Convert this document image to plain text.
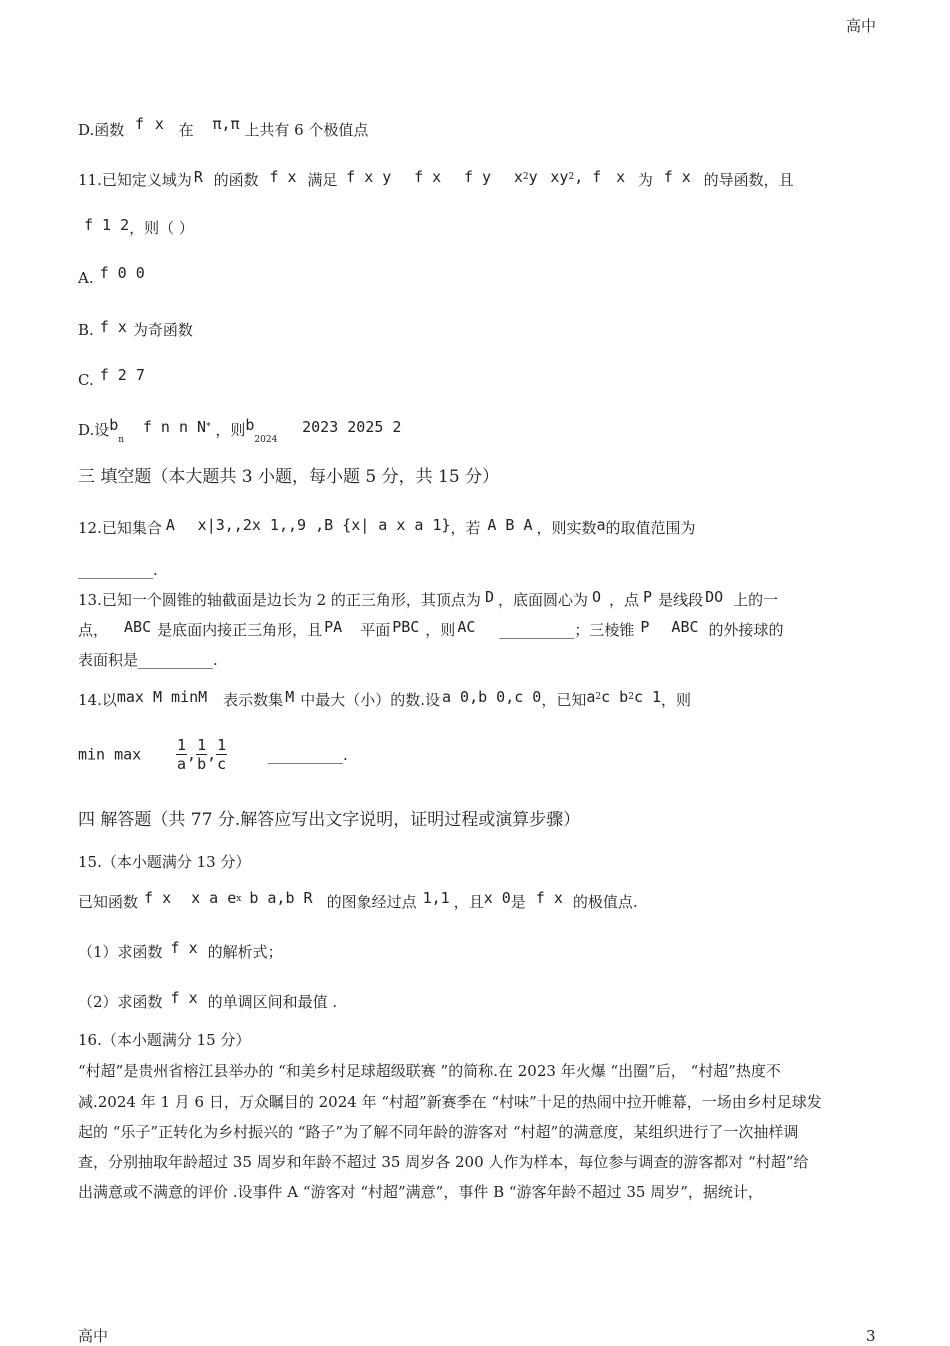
高中
高中	3
D.函数 f x 在 π,π 上共有 6 个极值点
11.已知定义域为 R 的函数 f x 满足 f x y f x f y $x^2y$ $xy^2$, f x 为 f x 的导函数，且
f 1 2，则（ ）
A. f 0 0
B. f x 为奇函数
C. f 2 7
D.设$b_n$ f n n N* ，则$b_{2024}$ 2023 2025 2
三 填空题（本大题共 3 小题，每小题 5 分，共 15 分）
12.已知集合 A x|3,,2x 1,,9 ,B {x| a x a 1}，若 A B A ，则实数a的取值范围为
__________.
13.已知一个圆锥的轴截面是边长为 2 的正三角形，其顶点为 D ，底面圆心为 O ，点 P 是线段 DO 上的一
点， ABC 是底面内接正三角形，且 PA 平面 PBC ，则 AC __________；三棱锥 P ABC 的外接球的
表面积是__________.
14.以max M minM 表示数集 M 中最大（小）的数.设 a 0,b 0,c 0，已知$a^2c$ $b^2c$ 1，则
$\min \max \frac{1}{a}$ , $\frac{1}{b}$ , $\frac{1}{c}$	__________.
四 解答题（共 77 分.解答应写出文字说明，证明过程或演算步骤）
15.（本小题满分 13 分）
已知函数 f x x a $e^x$ b a,b R 的图象经过点 1,1 ，且x 0是 f x 的极值点.
（1）求函数 f x 的解析式；
（2）求函数 f x 的单调区间和最值 .
16.（本小题满分 15 分）
“村超”是贵州省榕江县举办的 “和美乡村足球超级联赛 ”的简称.在 2023 年火爆 “出圈”后， “村超”热度不
减.2024 年 1 月 6 日，万众瞩目的 2024 年 “村超”新赛季在 “村味”十足的热闹中拉开帷幕，一场由乡村足球发
起的 “乐子”正转化为乡村振兴的 “路子”为了解不同年龄的游客对 “村超”的满意度，某组织进行了一次抽样调
查，分别抽取年龄超过 35 周岁和年龄不超过 35 周岁各 200 人作为样本，每位参与调查的游客都对 “村超”给
出满意或不满意的评价 .设事件 A “游客对 “村超”满意”，事件 B “游客年龄不超过 35 周岁”，据统计，
